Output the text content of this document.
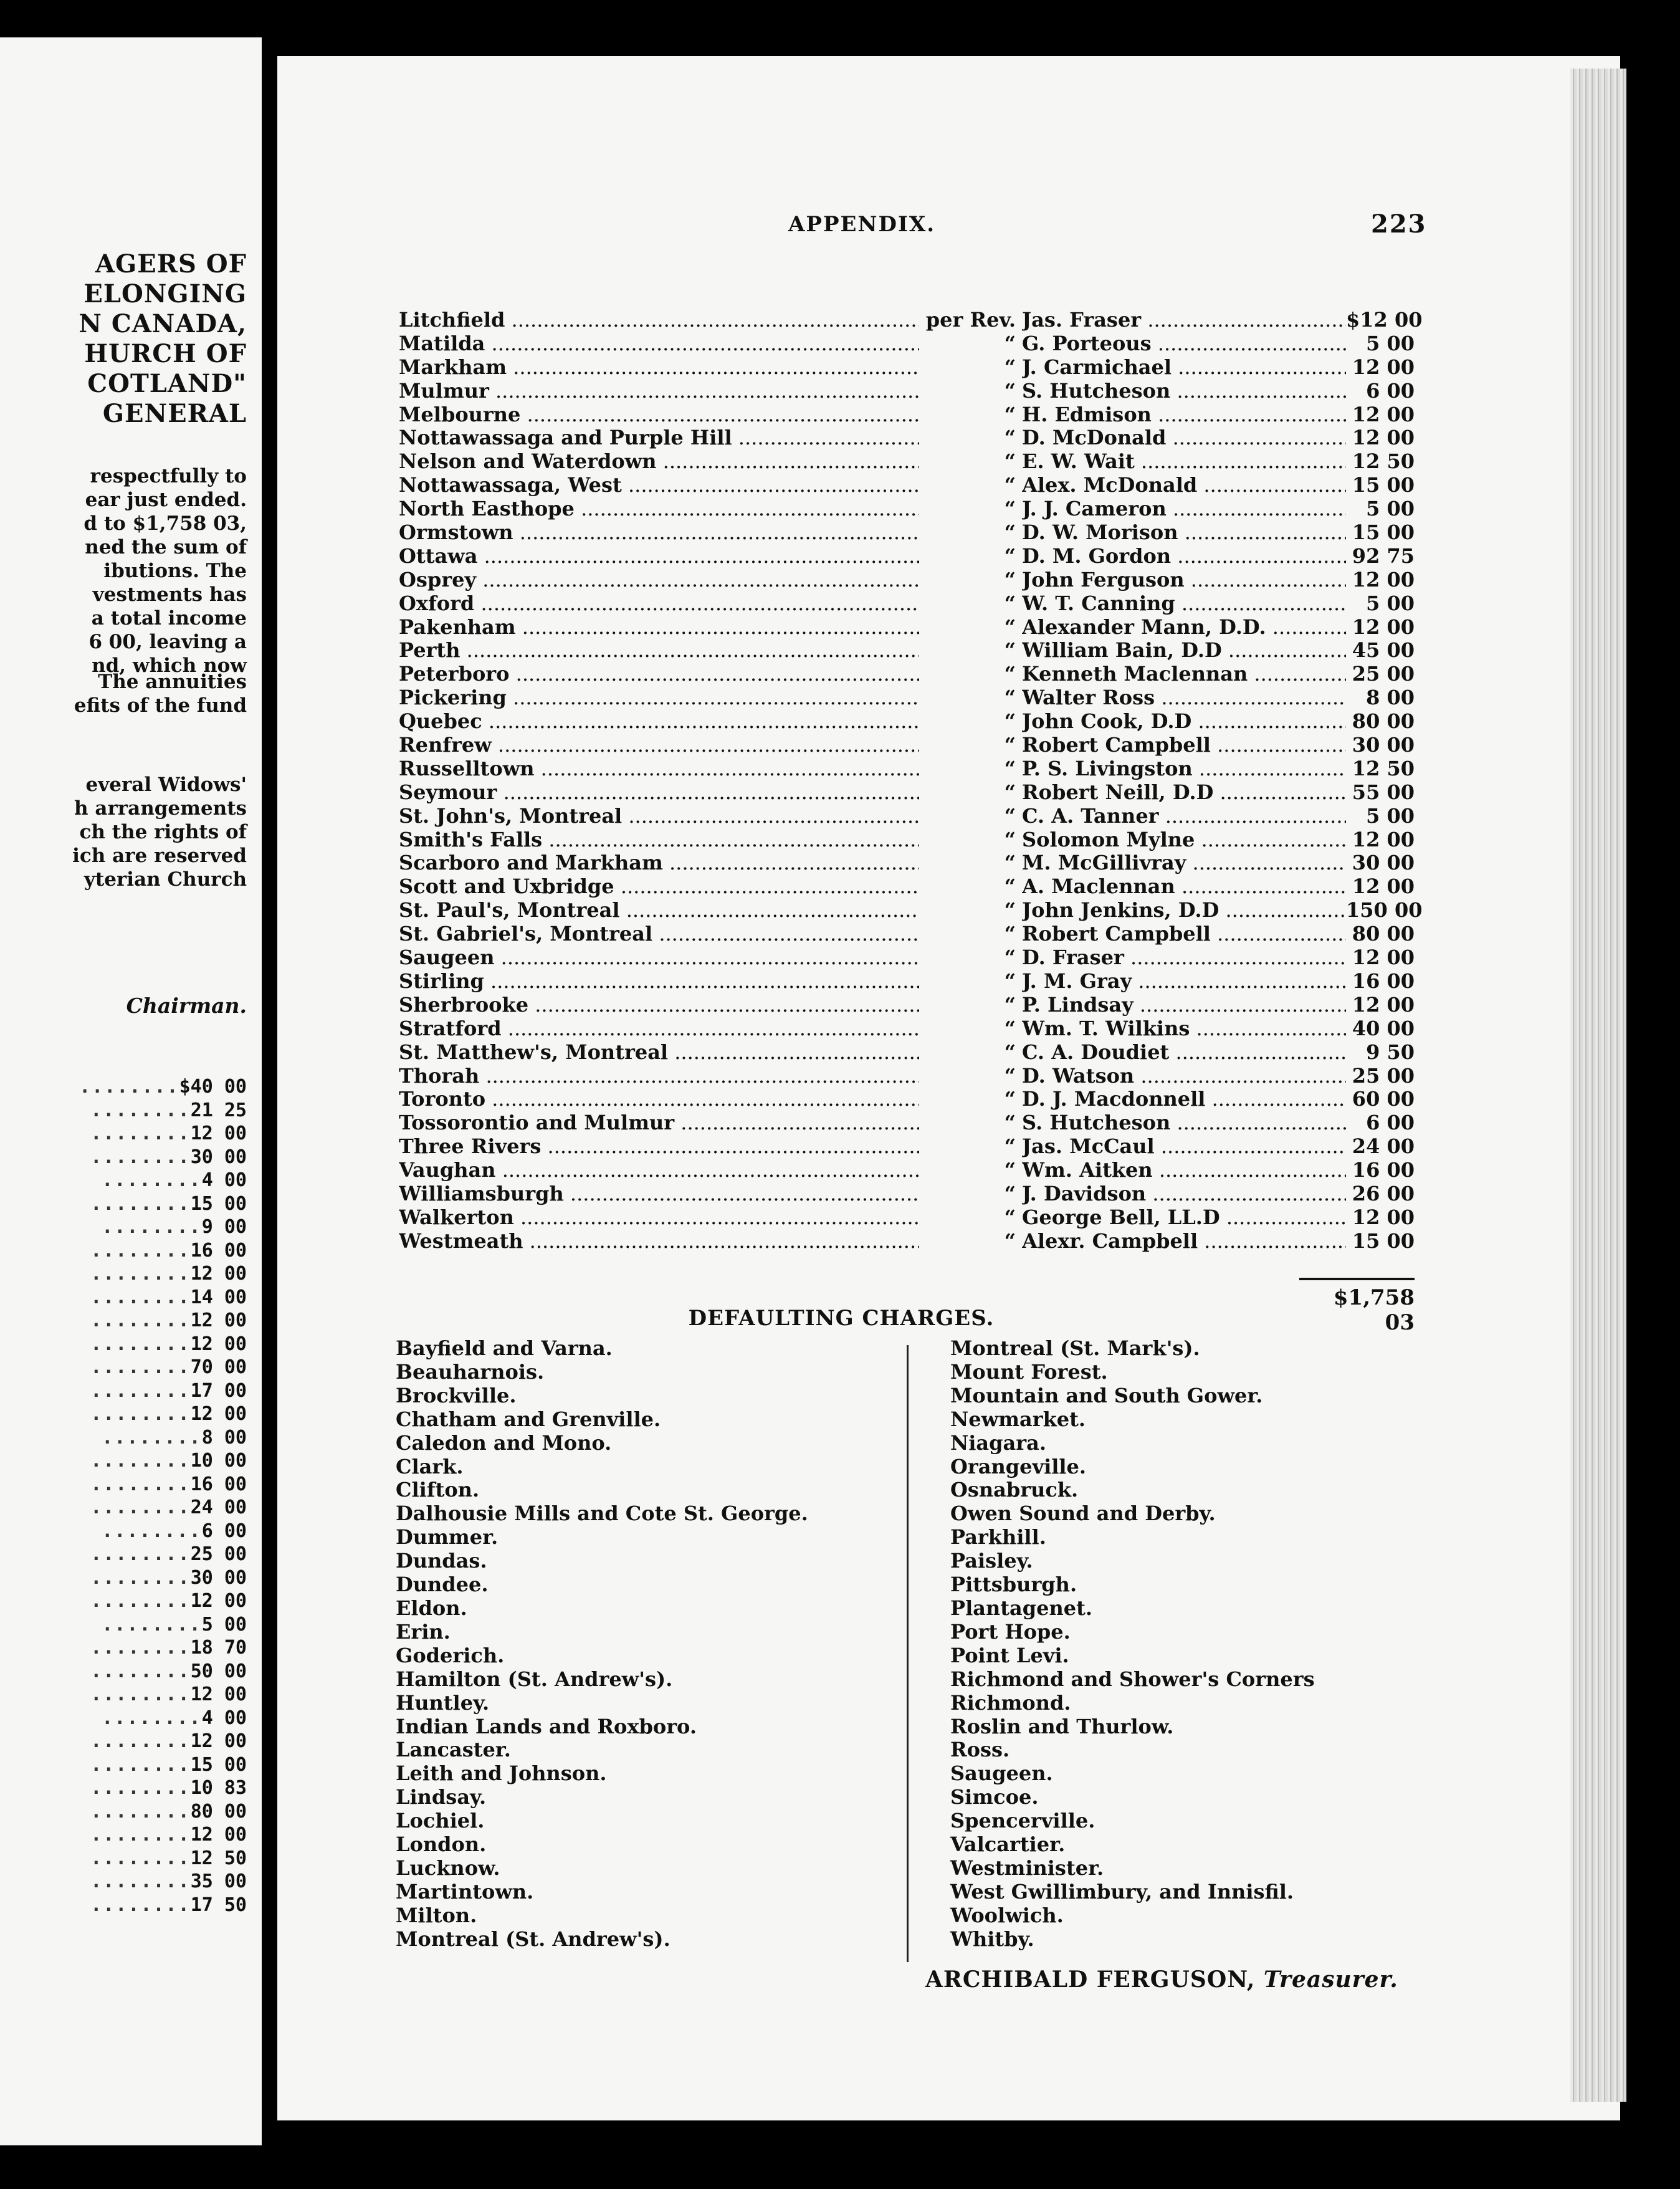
AGERS OF
ELONGING
N CANADA,
HURCH OF
COTLAND"
GENERAL
respectfully to
ear just ended.
d to $1,758 03,
ned the sum of
ibutions. The
vestments has
a total income
6 00, leaving a
nd, which now
The annuities
efits of the fund
everal Widows'
h arrangements
ch the rights of
ich are reserved
yterian Church
Chairman.
........$40 00
........21 25
........12 00
........30 00
........4 00
........15 00
........9 00
........16 00
........12 00
........14 00
........12 00
........12 00
........70 00
........17 00
........12 00
........8 00
........10 00
........16 00
........24 00
........6 00
........25 00
........30 00
........12 00
........5 00
........18 70
........50 00
........12 00
........4 00
........12 00
........15 00
........10 83
........80 00
........12 00
........12 50
........35 00
........17 50
APPENDIX.	223
Litchfield .....	per Rev. Jas. Fraser .....	$12 00
Matilda .....	“ G. Porteous .....	5 00
Markham .....	“ J. Carmichael .....	12 00
Mulmur .....	“ S. Hutcheson .....	6 00
Melbourne .....	“ H. Edmison .....	12 00
Nottawassaga and Purple Hill .....	“ D. McDonald .....	12 00
Nelson and Waterdown .....	“ E. W. Wait .....	12 50
Nottawassaga, West .....	“ Alex. McDonald .....	15 00
North Easthope .....	“ J. J. Cameron .....	5 00
Ormstown .....	“ D. W. Morison .....	15 00
Ottawa .....	“ D. M. Gordon .....	92 75
Osprey .....	“ John Ferguson .....	12 00
Oxford .....	“ W. T. Canning .....	5 00
Pakenham .....	“ Alexander Mann, D.D. .....	12 00
Perth .....	“ William Bain, D.D .....	45 00
Peterboro .....	“ Kenneth Maclennan .....	25 00
Pickering .....	“ Walter Ross .....	8 00
Quebec .....	“ John Cook, D.D .....	80 00
Renfrew .....	“ Robert Campbell .....	30 00
Russelltown .....	“ P. S. Livingston .....	12 50
Seymour .....	“ Robert Neill, D.D .....	55 00
St. John's, Montreal .....	“ C. A. Tanner .....	5 00
Smith's Falls .....	“ Solomon Mylne .....	12 00
Scarboro and Markham .....	“ M. McGillivray .....	30 00
Scott and Uxbridge .....	“ A. Maclennan .....	12 00
St. Paul's, Montreal .....	“ John Jenkins, D.D .....	150 00
St. Gabriel's, Montreal .....	“ Robert Campbell .....	80 00
Saugeen .....	“ D. Fraser .....	12 00
Stirling .....	“ J. M. Gray .....	16 00
Sherbrooke .....	“ P. Lindsay .....	12 00
Stratford .....	“ Wm. T. Wilkins .....	40 00
St. Matthew's, Montreal .....	“ C. A. Doudiet .....	9 50
Thorah .....	“ D. Watson .....	25 00
Toronto .....	“ D. J. Macdonnell .....	60 00
Tossorontio and Mulmur .....	“ S. Hutcheson .....	6 00
Three Rivers .....	“ Jas. McCaul .....	24 00
Vaughan .....	“ Wm. Aitken .....	16 00
Williamsburgh .....	“ J. Davidson .....	26 00
Walkerton .....	“ George Bell, LL.D .....	12 00
Westmeath .....	“ Alexr. Campbell .....	15 00
$1,758 03
DEFAULTING CHARGES.
Bayfield and Varna.
Beauharnois.
Brockville.
Chatham and Grenville.
Caledon and Mono.
Clark.
Clifton.
Dalhousie Mills and Cote St. George.
Dummer.
Dundas.
Dundee.
Eldon.
Erin.
Goderich.
Hamilton (St. Andrew's).
Huntley.
Indian Lands and Roxboro.
Lancaster.
Leith and Johnson.
Lindsay.
Lochiel.
London.
Lucknow.
Martintown.
Milton.
Montreal (St. Andrew's).
Montreal (St. Mark's).
Mount Forest.
Mountain and South Gower.
Newmarket.
Niagara.
Orangeville.
Osnabruck.
Owen Sound and Derby.
Parkhill.
Paisley.
Pittsburgh.
Plantagenet.
Port Hope.
Point Levi.
Richmond and Shower's Corners
Richmond.
Roslin and Thurlow.
Ross.
Saugeen.
Simcoe.
Spencerville.
Valcartier.
Westminister.
West Gwillimbury, and Innisfil.
Woolwich.
Whitby.
ARCHIBALD FERGUSON, Treasurer.
